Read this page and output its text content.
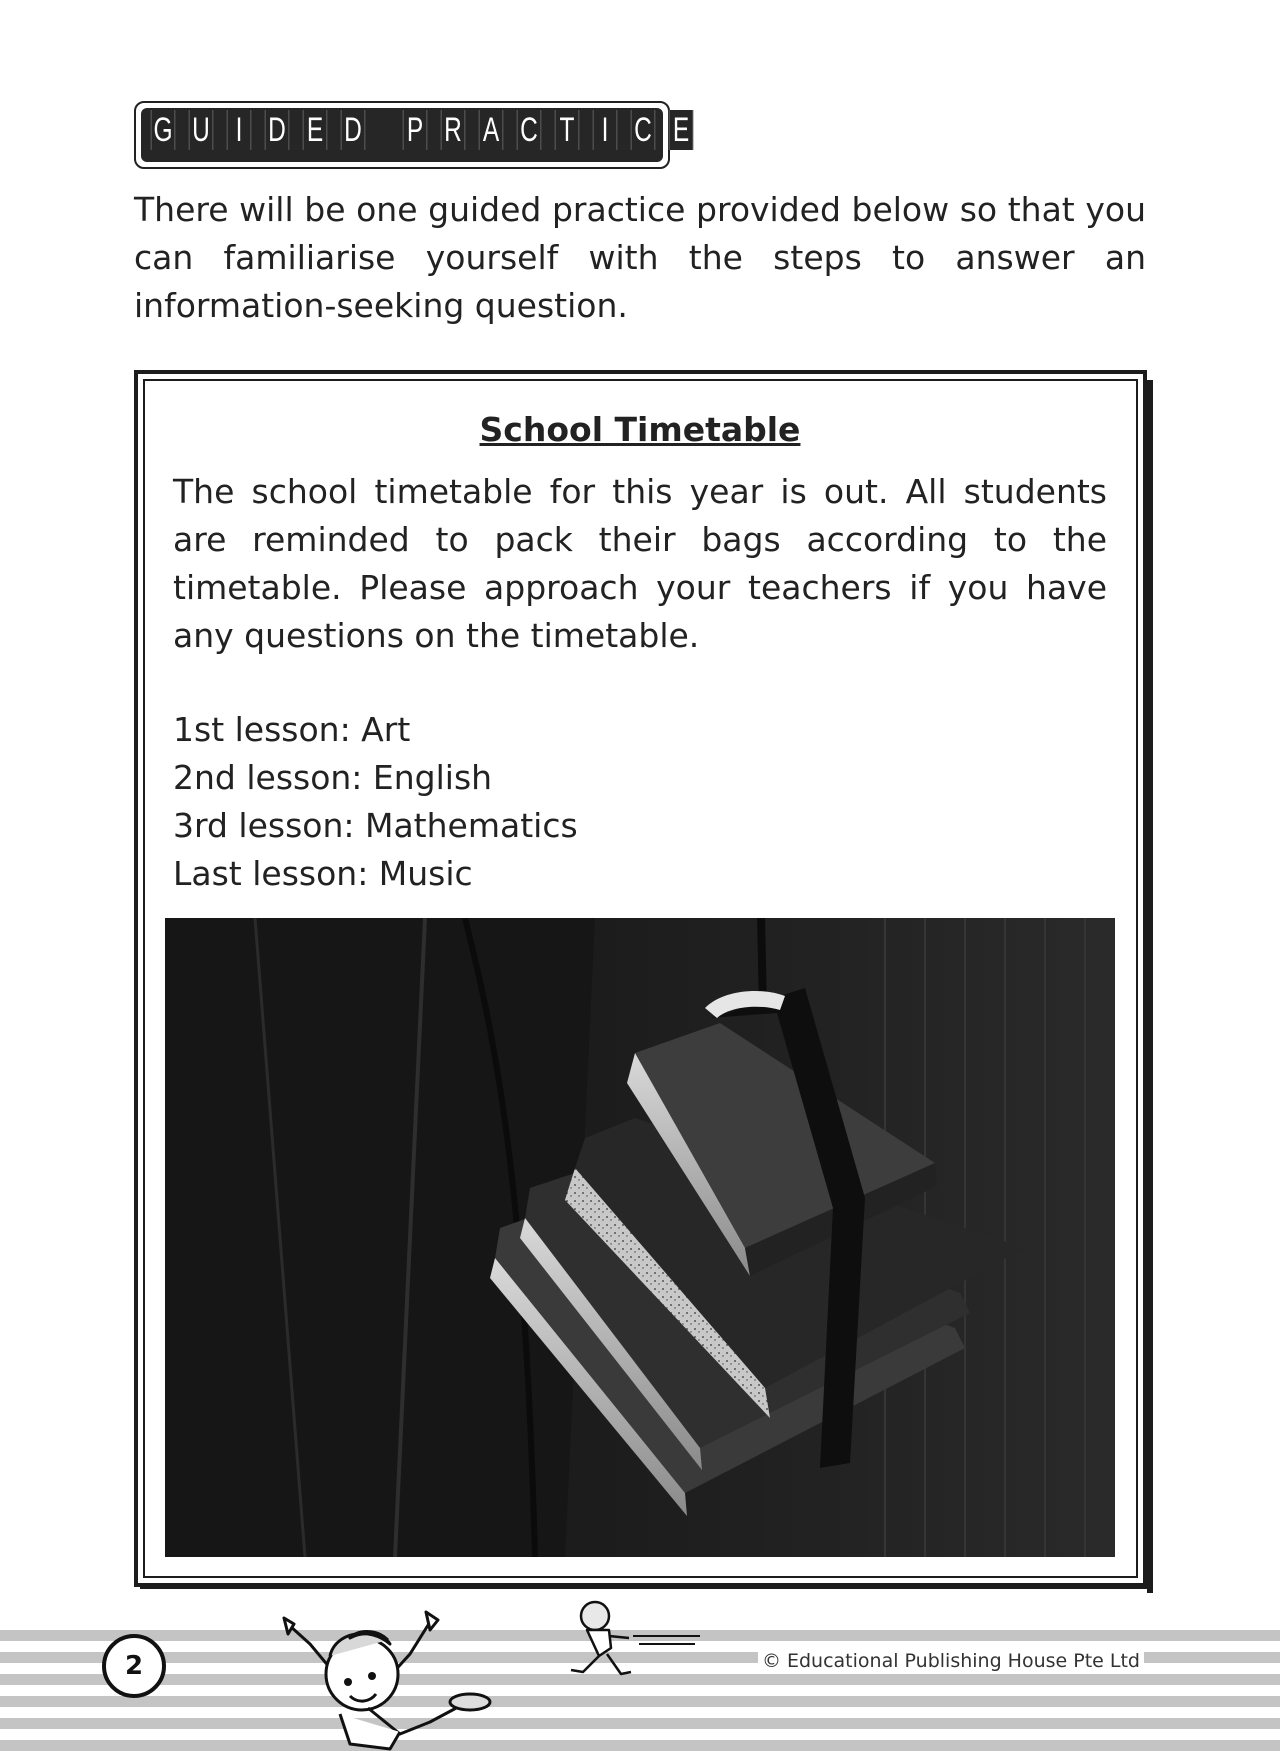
G U I D E D P R A C T I C E
There will be one guided practice provided below so that you can familiarise yourself with the steps to answer an information-seeking question.
School Timetable
The school timetable for this year is out. All students are reminded to pack their bags according to the timetable. Please approach your teachers if you have any questions on the timetable.
1st lesson: Art
2nd lesson: English
3rd lesson: Mathematics
Last lesson: Music
2	© Educational Publishing House Pte Ltd
